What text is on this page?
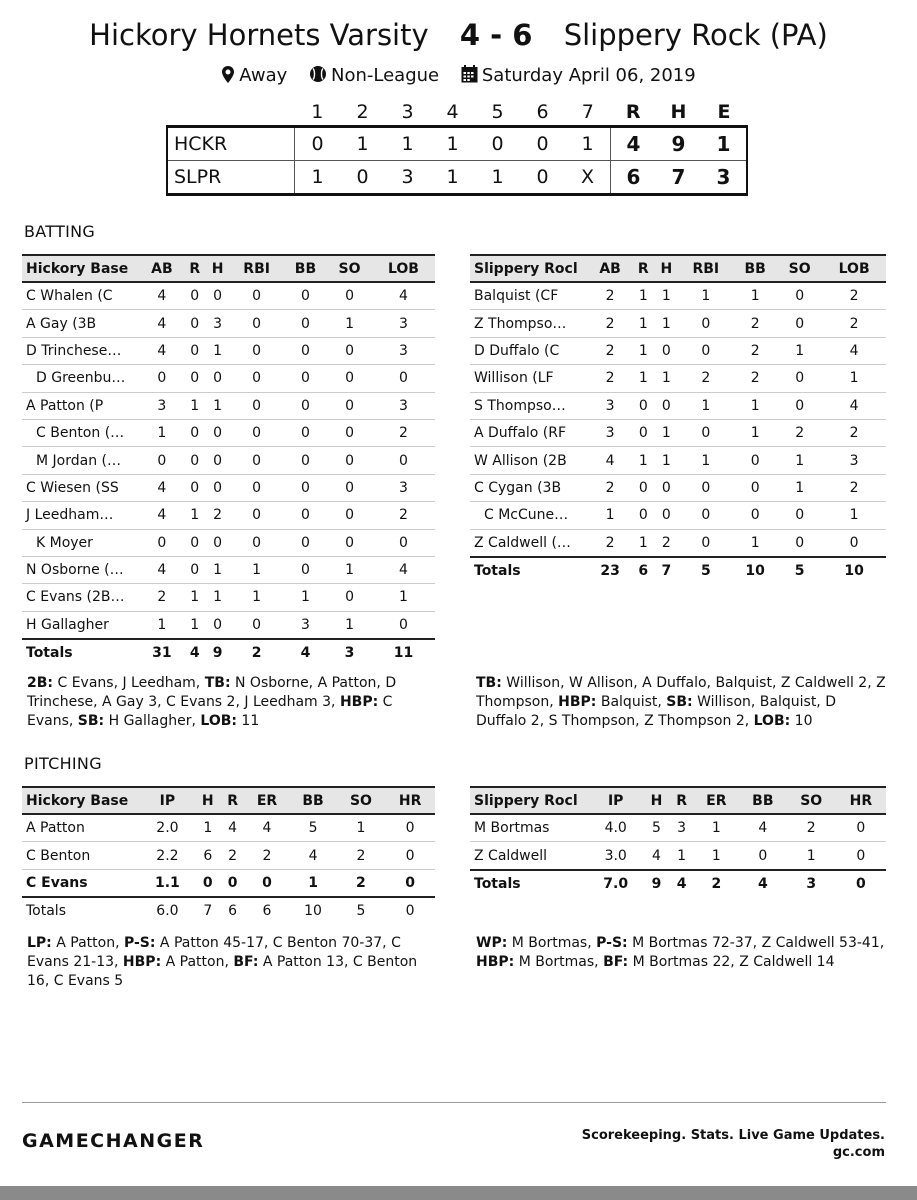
Hickory Hornets Varsity 4 - 6 Slippery Rock (PA)
Away Non-League Saturday April 06, 2019
	1	2	3	4	5	6	7	R	H	E
HCKR	0	1	1	1	0	0	1	4	9	1
SLPR	1	0	3	1	1	0	X	6	7	3
BATTING
Hickory Base	AB	R	H	RBI	BB	SO	LOB
C Whalen (C	4	0	0	0	0	0	4
A Gay (3B	4	0	3	0	0	1	3
D Trinchese…	4	0	1	0	0	0	3
D Greenbu…	0	0	0	0	0	0	0
A Patton (P	3	1	1	0	0	0	3
C Benton (…	1	0	0	0	0	0	2
M Jordan (…	0	0	0	0	0	0	0
C Wiesen (SS	4	0	0	0	0	0	3
J Leedham…	4	1	2	0	0	0	2
K Moyer	0	0	0	0	0	0	0
N Osborne (…	4	0	1	1	0	1	4
C Evans (2B…	2	1	1	1	1	0	1
H Gallagher	1	1	0	0	3	1	0
Totals	31	4	9	2	4	3	11
Slippery Rocl	AB	R	H	RBI	BB	SO	LOB
Balquist (CF	2	1	1	1	1	0	2
Z Thompso…	2	1	1	0	2	0	2
D Duffalo (C	2	1	0	0	2	1	4
Willison (LF	2	1	1	2	2	0	1
S Thompso…	3	0	0	1	1	0	4
A Duffalo (RF	3	0	1	0	1	2	2
W Allison (2B	4	1	1	1	0	1	3
C Cygan (3B	2	0	0	0	0	1	2
C McCune…	1	0	0	0	0	0	1
Z Caldwell (…	2	1	2	0	1	0	0
Totals	23	6	7	5	10	5	10
2B: C Evans, J Leedham, TB: N Osborne, A Patton, D Trinchese, A Gay 3, C Evans 2, J Leedham 3, HBP: C Evans, SB: H Gallagher, LOB: 11
TB: Willison, W Allison, A Duffalo, Balquist, Z Caldwell 2, Z Thompson, HBP: Balquist, SB: Willison, Balquist, D Duffalo 2, S Thompson, Z Thompson 2, LOB: 10
PITCHING
Hickory Base	IP	H	R	ER	BB	SO	HR
A Patton	2.0	1	4	4	5	1	0
C Benton	2.2	6	2	2	4	2	0
C Evans	1.1	0	0	0	1	2	0
Totals	6.0	7	6	6	10	5	0
Slippery Rocl	IP	H	R	ER	BB	SO	HR
M Bortmas	4.0	5	3	1	4	2	0
Z Caldwell	3.0	4	1	1	0	1	0
Totals	7.0	9	4	2	4	3	0
LP: A Patton, P-S: A Patton 45-17, C Benton 70-37, C Evans 21-13, HBP: A Patton, BF: A Patton 13, C Benton 16, C Evans 5
WP: M Bortmas, P-S: M Bortmas 72-37, Z Caldwell 53-41, HBP: M Bortmas, BF: M Bortmas 22, Z Caldwell 14
GAMECHANGER	Scorekeeping. Stats. Live Game Updates.
gc.com
